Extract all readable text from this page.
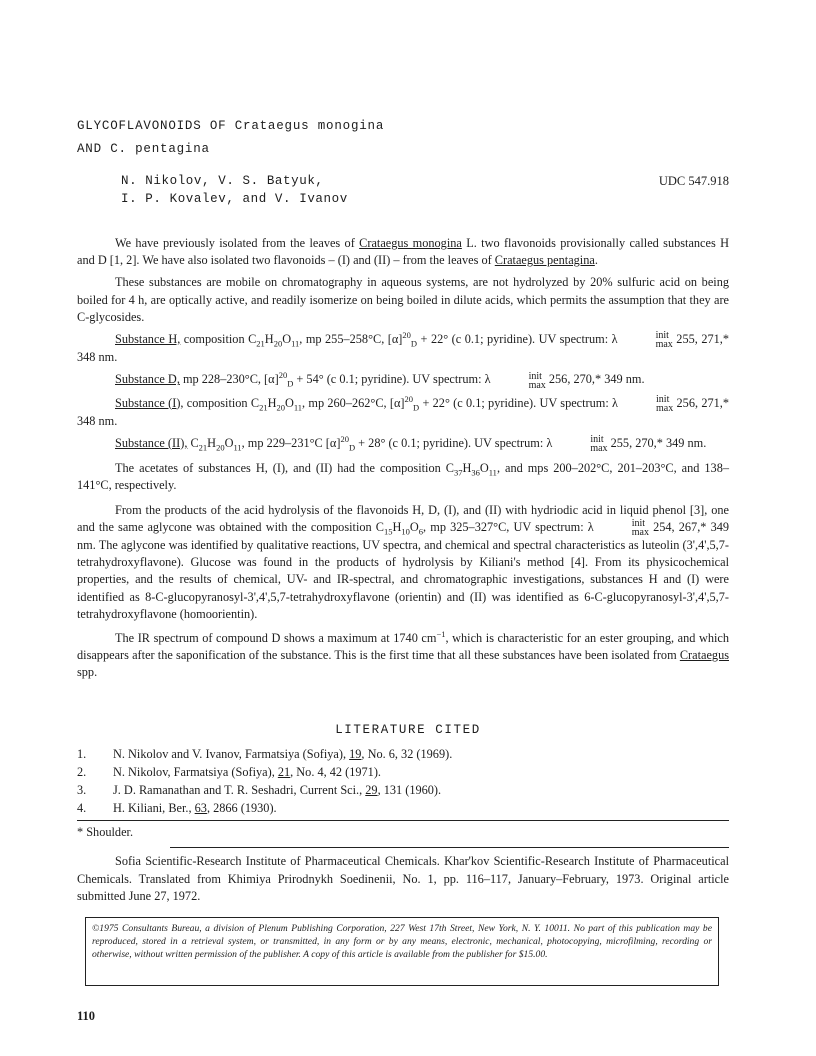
GLYCOFLAVONOIDS OF Crataegus monogina
AND C. pentagina
N. Nikolov, V. S. Batyuk,
I. P. Kovalev, and V. Ivanov
UDC 547.918

We have previously isolated from the leaves of Crataegus monogina L. two flavonoids provisionally called substances H and D [1, 2]. We have also isolated two flavonoids – (I) and (II) – from the leaves of Crataegus pentagina.

These substances are mobile on chromatography in aqueous systems, are not hydrolyzed by 20% sulfuric acid on being boiled for 4 h, are optically active, and readily isomerize on being boiled in dilute acids, which permits the assumption that they are C-glycosides.

Substance H, composition $C_{21}H_{20}O_{11}$, mp 255–258°C, $[\alpha]^{20}_D + 22^\circ$ (c 0.1; pyridine). UV spectrum: λ	init
max 255, 271,* 348 nm.

Substance D, mp 228–230°C, $[\alpha]^{20}_D + 54^\circ$ (c 0.1; pyridine). UV spectrum: λ	init
max 256, 270,* 349 nm.

Substance (I), composition $C_{21}H_{20}O_{11}$, mp 260–262°C, $[\alpha]^{20}_D + 22^\circ$ (c 0.1; pyridine). UV spectrum: λ	init
max 256, 271,* 348 nm.

Substance (II), $C_{21}H_{20}O_{11}$, mp 229–231°C $[\alpha]^{20}_D + 28^\circ$ (c 0.1; pyridine). UV spectrum: λ	init
max 255, 270,* 349 nm.

The acetates of substances H, (I), and (II) had the composition $C_{37}H_{36}O_{11}$, and mps 200–202°C, 201–203°C, and 138–141°C, respectively.

From the products of the acid hydrolysis of the flavonoids H, D, (I), and (II) with hydriodic acid in liquid phenol [3], one and the same aglycone was obtained with the composition $C_{15}H_{10}O_6$, mp 325–327°C, UV spectrum: λ	init
max 254, 267,* 349 nm. The aglycone was identified by qualitative reactions, UV spectra, and chemical and spectral characteristics as luteolin (3',4',5,7-tetrahydroxyflavone). Glucose was found in the products of hydrolysis by Kiliani's method [4]. From its physicochemical properties, and the results of chemical, UV- and IR-spectral, and chromatographic investigations, substances H and (I) were identified as 8-C-glucopyranosyl-3',4',5,7-tetrahydroxyflavone (orientin) and (II) was identified as 6-C-glucopyranosyl-3',4',5,7-tetrahydroxyflavone (homoorientin).

The IR spectrum of compound D shows a maximum at 1740 $cm^{-1}$, which is characteristic for an ester grouping, and which disappears after the saponification of the substance. This is the first time that all these substances have been isolated from Crataegus spp.

LITERATURE CITED
1.	N. Nikolov and V. Ivanov, Farmatsiya (Sofiya), 19, No. 6, 32 (1969).
2.	N. Nikolov, Farmatsiya (Sofiya), 21, No. 4, 42 (1971).
3.	J. D. Ramanathan and T. R. Seshadri, Current Sci., 29, 131 (1960).
4.	H. Kiliani, Ber., 63, 2866 (1930).
* Shoulder.

Sofia Scientific-Research Institute of Pharmaceutical Chemicals. Khar'kov Scientific-Research Institute of Pharmaceutical Chemicals. Translated from Khimiya Prirodnykh Soedinenii, No. 1, pp. 116–117, January–February, 1973. Original article submitted June 27, 1972.

©1975 Consultants Bureau, a division of Plenum Publishing Corporation, 227 West 17th Street, New York, N. Y. 10011. No part of this publication may be reproduced, stored in a retrieval system, or transmitted, in any form or by any means, electronic, mechanical, photocopying, microfilming, recording or otherwise, without written permission of the publisher. A copy of this article is available from the publisher for $15.00.
110
